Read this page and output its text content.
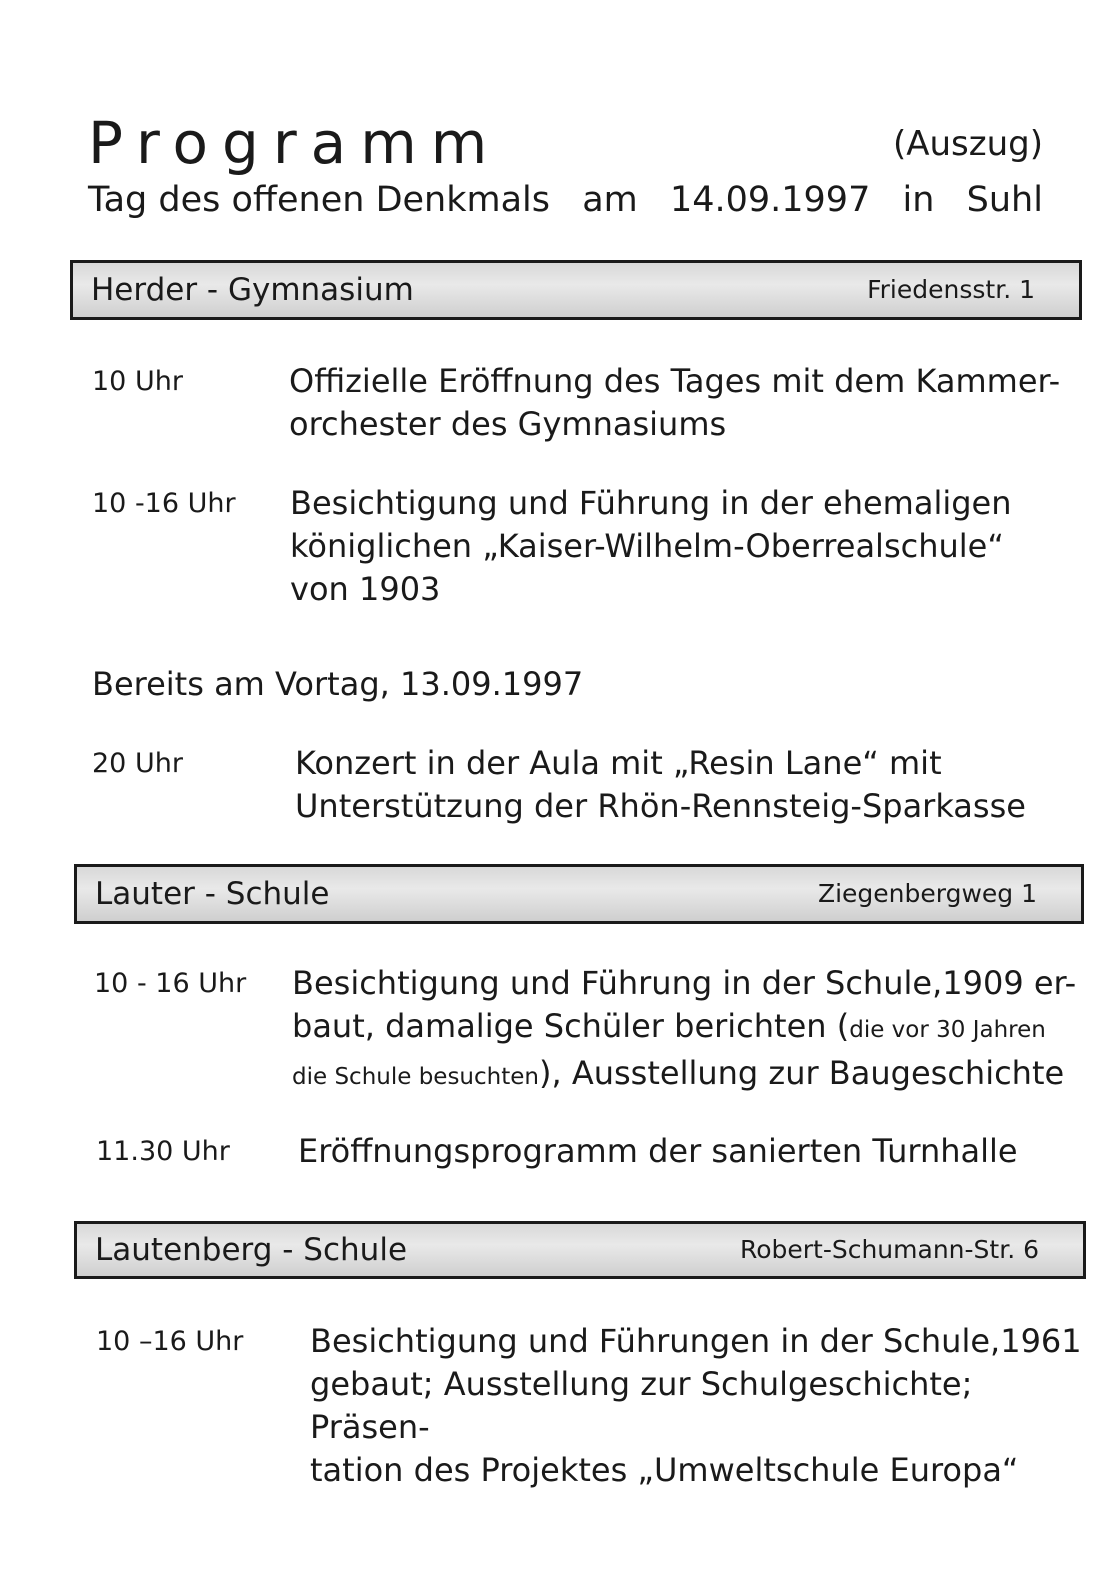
Programm	(Auszug)
Tag des offenen Denkmals am 14.09.1997 in Suhl
Herder - Gymnasium	Friedensstr. 1
10 Uhr	Offizielle Eröffnung des Tages mit dem Kammer-
orchester des Gymnasiums
10 -16 Uhr Besichtigung und Führung in der ehemaligen
königlichen „Kaiser-Wilhelm-Oberrealschule“
von 1903
Bereits am Vortag, 13.09.1997
20 Uhr	Konzert in der Aula mit „Resin Lane“ mit
Unterstützung der Rhön-Rennsteig-Sparkasse
Lauter - Schule	Ziegenbergweg 1
10 - 16 Uhr Besichtigung und Führung in der Schule,1909 er-
baut, damalige Schüler berichten (die vor 30 Jahren
die Schule besuchten), Ausstellung zur Baugeschichte
11.30 Uhr Eröffnungsprogramm der sanierten Turnhalle
Lautenberg - Schule	Robert-Schumann-Str. 6
10 –16 Uhr Besichtigung und Führungen in der Schule,1961
gebaut; Ausstellung zur Schulgeschichte; Präsen-
tation des Projektes „Umweltschule Europa“
